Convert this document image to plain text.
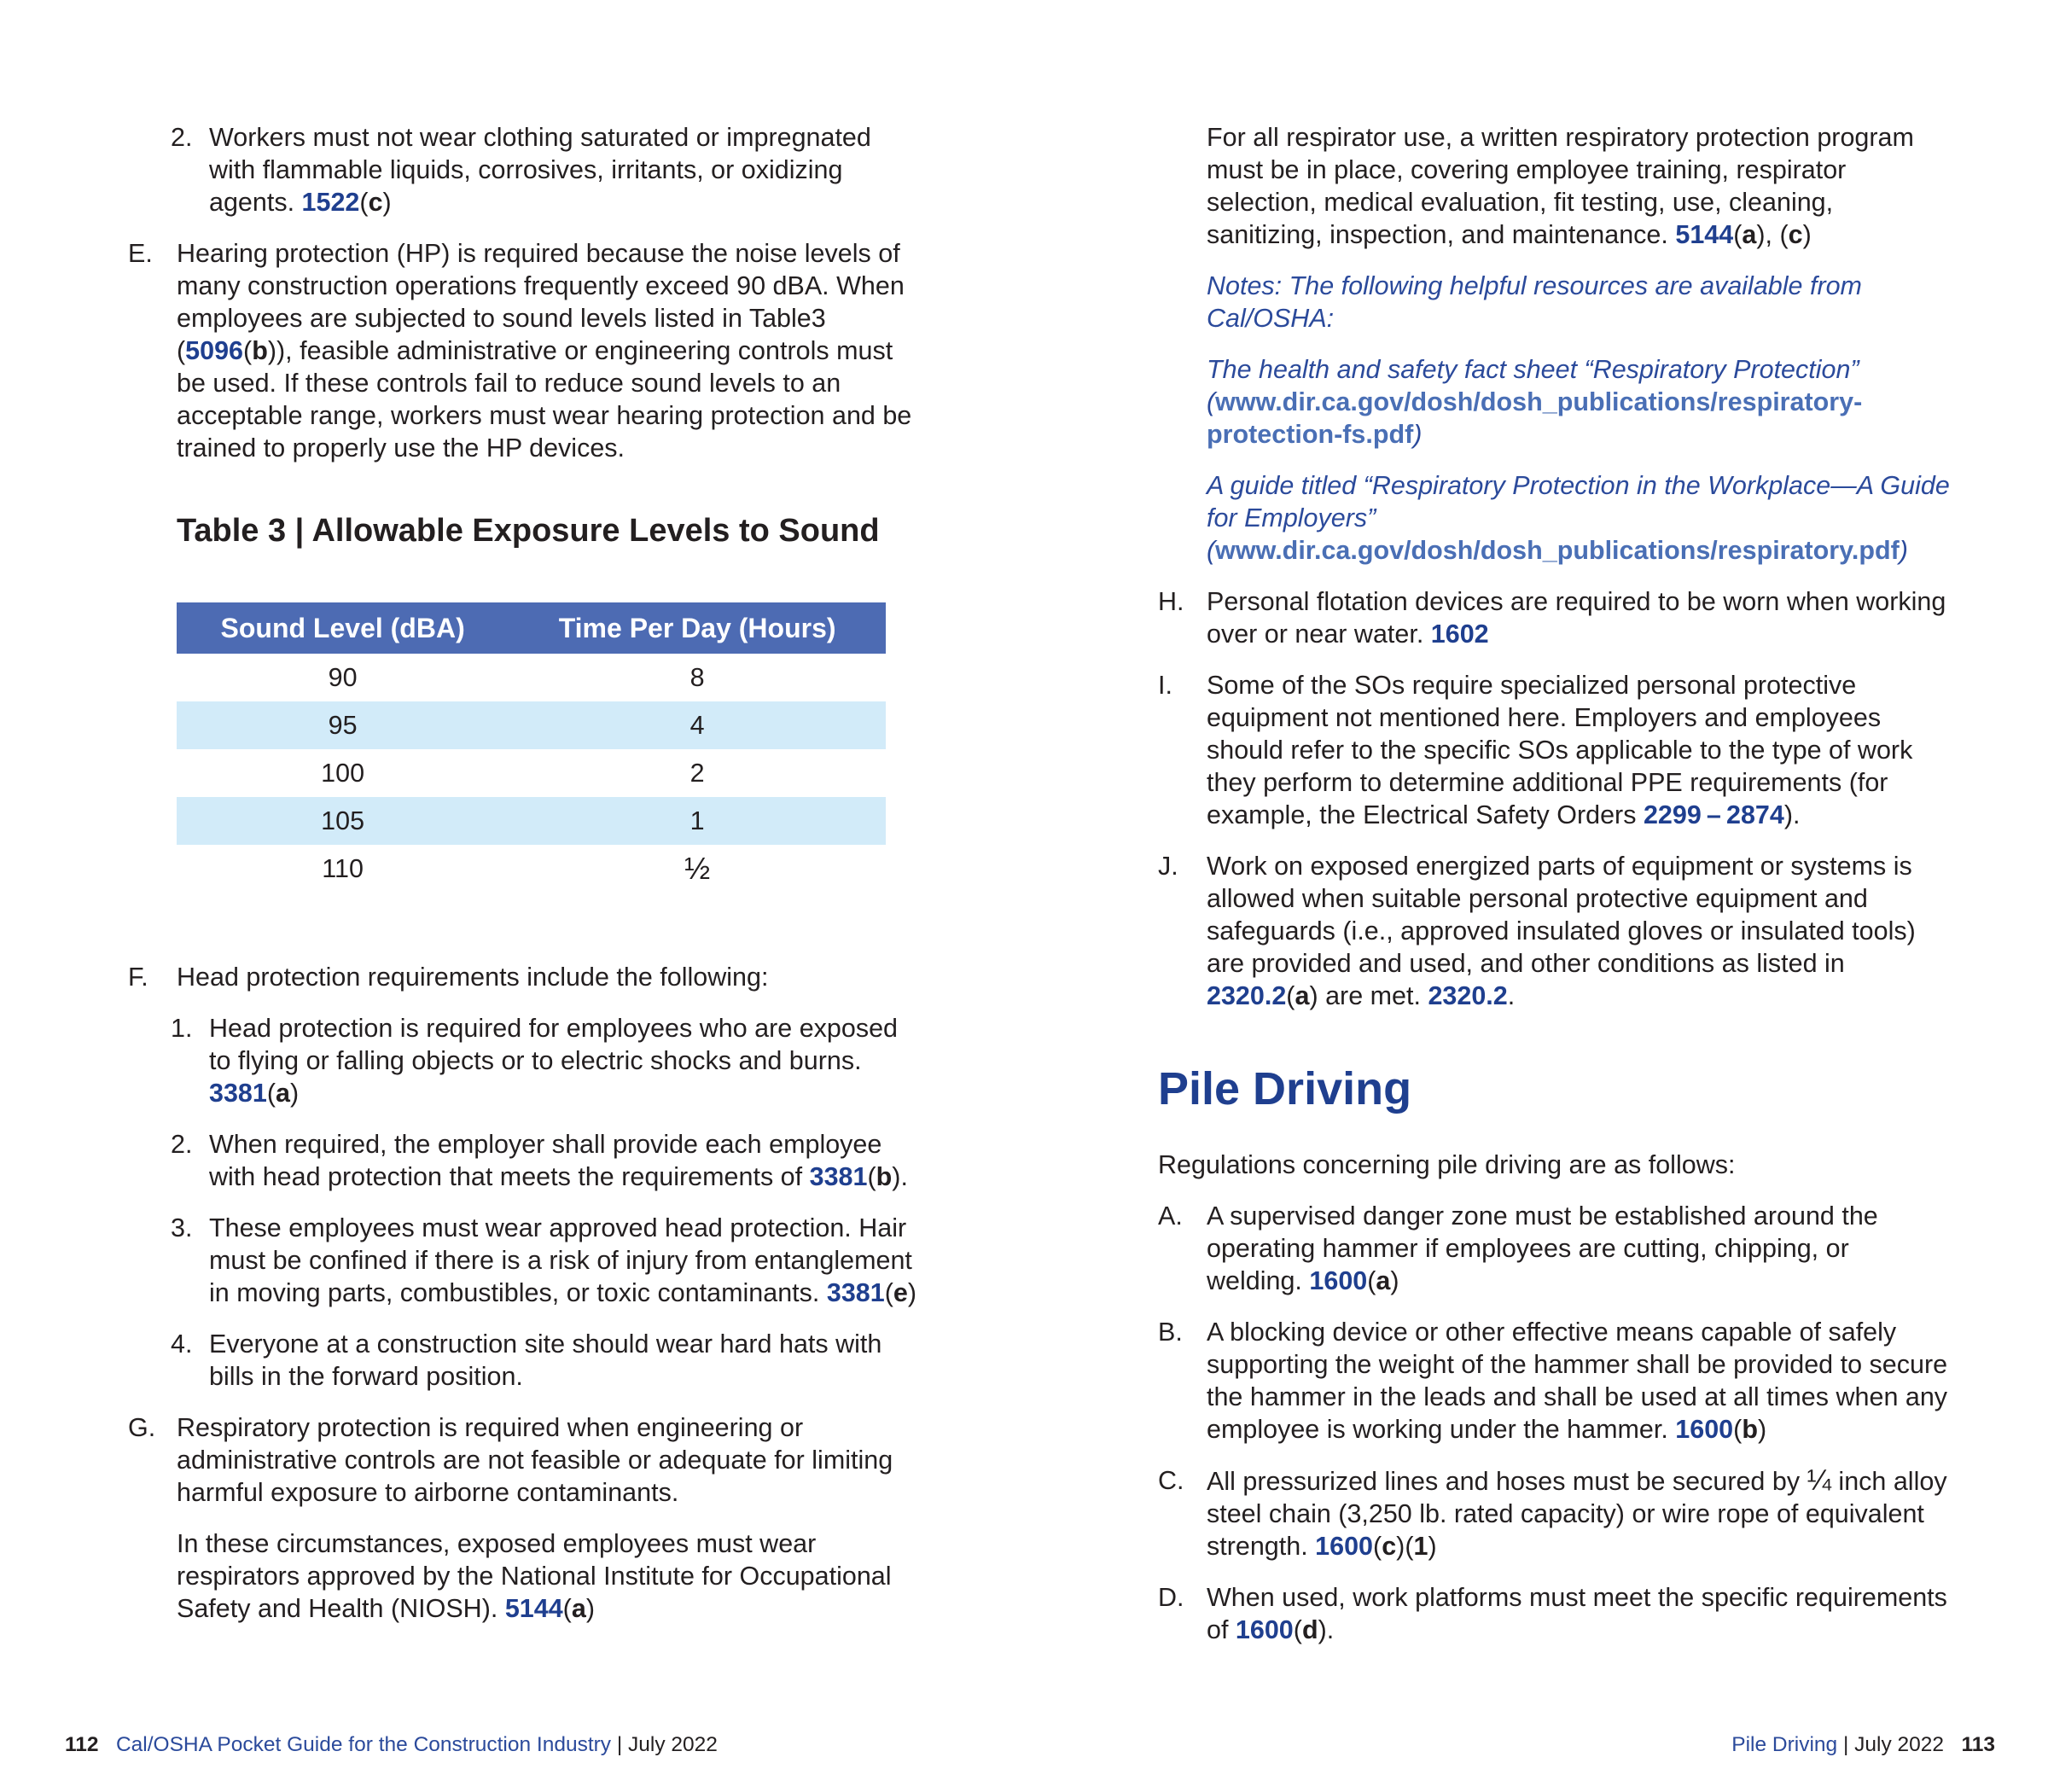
2. Workers must not wear clothing saturated or impregnated with flammable liquids, corrosives, irritants, or oxidizing agents. 1522(c)
E. Hearing protection (HP) is required because the noise levels of many construction operations frequently exceed 90 dBA. When employees are subjected to sound levels listed in Table3 (5096(b)), feasible administrative or engineering controls must be used. If these controls fail to reduce sound levels to an acceptable range, workers must wear hearing protection and be trained to properly use the HP devices.
Table 3 | Allowable Exposure Levels to Sound
Sound Level (dBA)	Time Per Day (Hours)
90	8
95	4
100	2
105	1
110	½
F. Head protection requirements include the following:
1. Head protection is required for employees who are exposed to flying or falling objects or to electric shocks and burns. 3381(a)
2. When required, the employer shall provide each employee with head protection that meets the requirements of 3381(b).
3. These employees must wear approved head protection. Hair must be confined if there is a risk of injury from entanglement in moving parts, combustibles, or toxic contaminants. 3381(e)
4. Everyone at a construction site should wear hard hats with bills in the forward position.
G. Respiratory protection is required when engineering or administrative controls are not feasible or adequate for limiting harmful exposure to airborne contaminants.
In these circumstances, exposed employees must wear respirators approved by the National Institute for Occupational Safety and Health (NIOSH). 5144(a)
For all respirator use, a written respiratory protection program must be in place, covering employee training, respirator selection, medical evaluation, fit testing, use, cleaning, sanitizing, inspection, and maintenance. 5144(a), (c)
Notes: The following helpful resources are available from Cal/OSHA:
The health and safety fact sheet “Respiratory Protection”
(www.dir.ca.gov/dosh/dosh_publications/respiratory-protection-fs.pdf)
A guide titled “Respiratory Protection in the Workplace—A Guide for Employers”
(www.dir.ca.gov/dosh/dosh_publications/respiratory.pdf)
H. Personal flotation devices are required to be worn when working over or near water. 1602
I. Some of the SOs require specialized personal protective equipment not mentioned here. Employers and employees should refer to the specific SOs applicable to the type of work they perform to determine additional PPE requirements (for example, the Electrical Safety Orders 2299 – 2874).
J. Work on exposed energized parts of equipment or systems is allowed when suitable personal protective equipment and safeguards (i.e., approved insulated gloves or insulated tools) are provided and used, and other conditions as listed in 2320.2(a) are met. 2320.2.
Pile Driving
Regulations concerning pile driving are as follows:
A. A supervised danger zone must be established around the operating hammer if employees are cutting, chipping, or welding. 1600(a)
B. A blocking device or other effective means capable of safely supporting the weight of the hammer shall be provided to secure the hammer in the leads and shall be used at all times when any employee is working under the hammer. 1600(b)
C. All pressurized lines and hoses must be secured by ¼ inch alloy steel chain (3,250 lb. rated capacity) or wire rope of equivalent strength. 1600(c)(1)
D. When used, work platforms must meet the specific requirements of 1600(d).
112 Cal/OSHA Pocket Guide for the Construction Industry | July 2022	Pile Driving | July 2022 113
